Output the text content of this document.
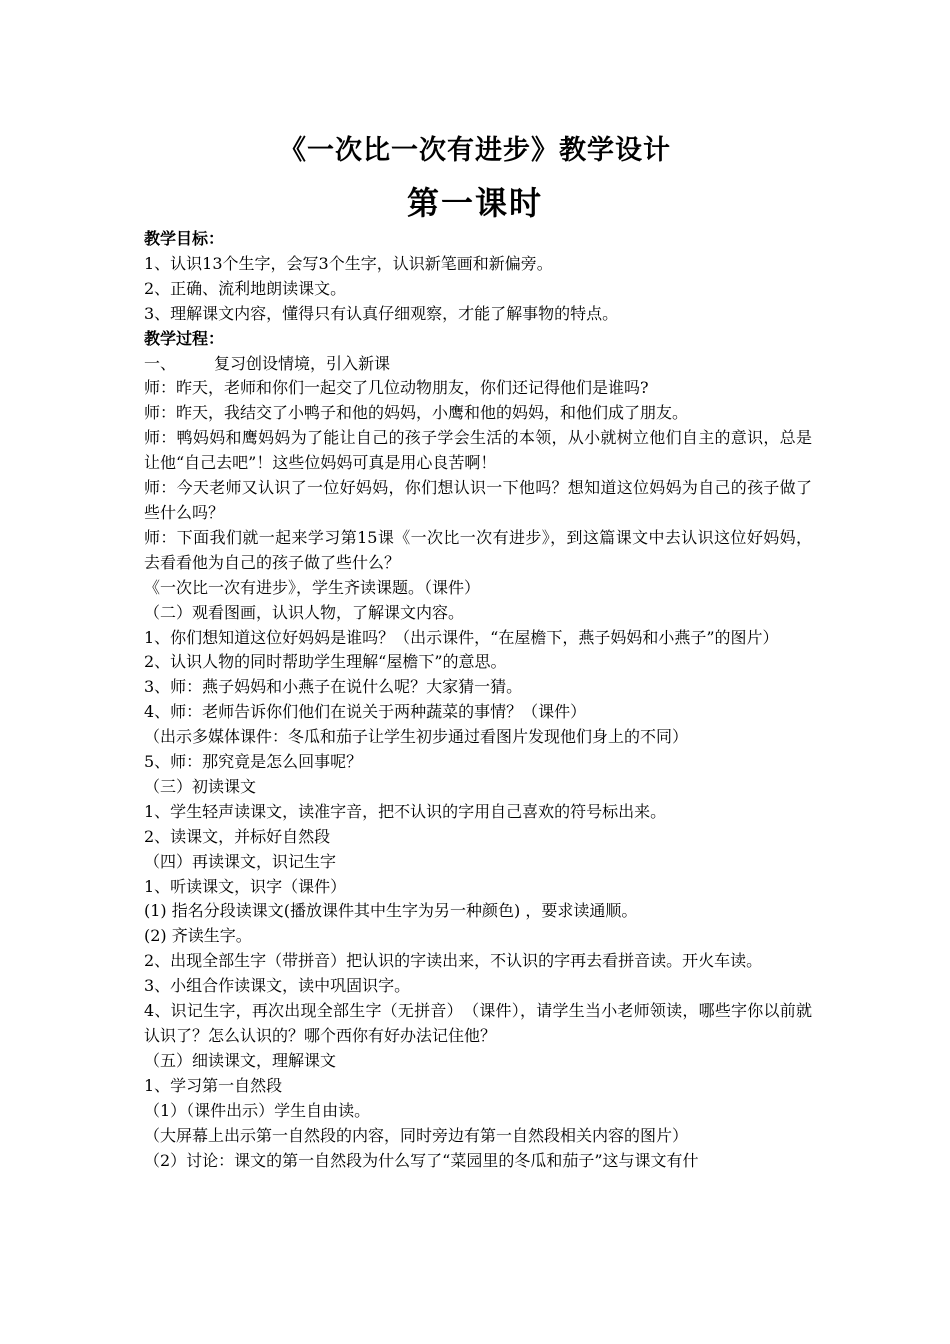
《一次比一次有进步》教学设计
第一课时
教学目标：
1、认识13个生字，会写3个生字，认识新笔画和新偏旁。
2、正确、流利地朗读课文。
3、理解课文内容，懂得只有认真仔细观察，才能了解事物的特点。
教学过程：
一、 复习创设情境，引入新课
师：昨天，老师和你们一起交了几位动物朋友，你们还记得他们是谁吗?
师：昨天，我结交了小鸭子和他的妈妈，小鹰和他的妈妈，和他们成了朋友。
师：鸭妈妈和鹰妈妈为了能让自己的孩子学会生活的本领，从小就树立他们自主的意识，总是让他“自己去吧”！这些位妈妈可真是用心良苦啊！
师：今天老师又认识了一位好妈妈，你们想认识一下他吗？想知道这位妈妈为自己的孩子做了些什么吗？
师：下面我们就一起来学习第15课《一次比一次有进步》，到这篇课文中去认识这位好妈妈，去看看他为自己的孩子做了些什么？
《一次比一次有进步》，学生齐读课题。（课件）
（二）观看图画，认识人物，了解课文内容。
1、你们想知道这位好妈妈是谁吗？（出示课件，“在屋檐下，燕子妈妈和小燕子”的图片）
2、认识人物的同时帮助学生理解“屋檐下”的意思。
3、师：燕子妈妈和小燕子在说什么呢？大家猜一猜。
4、师：老师告诉你们他们在说关于两种蔬菜的事情？（课件）
（出示多媒体课件：冬瓜和茄子让学生初步通过看图片发现他们身上的不同）
5、师：那究竟是怎么回事呢？
（三）初读课文
1、学生轻声读课文，读准字音，把不认识的字用自己喜欢的符号标出来。
2、读课文，并标好自然段
（四）再读课文，识记生字
1、听读课文，识字（课件）
(1) 指名分段读课文(播放课件其中生字为另一种颜色) ，要求读通顺。
(2) 齐读生字。
2、出现全部生字（带拼音）把认识的字读出来，不认识的字再去看拼音读。开火车读。
3、小组合作读课文，读中巩固识字。
4、识记生字，再次出现全部生字（无拼音）　（课件），请学生当小老师领读，哪些字你以前就认识了？怎么认识的？哪个西你有好办法记住他？
（五）细读课文，理解课文
1、学习第一自然段
（1）（课件出示）学生自由读。
（大屏幕上出示第一自然段的内容，同时旁边有第一自然段相关内容的图片）
（2）讨论：课文的第一自然段为什么写了“菜园里的冬瓜和茄子”这与课文有什
